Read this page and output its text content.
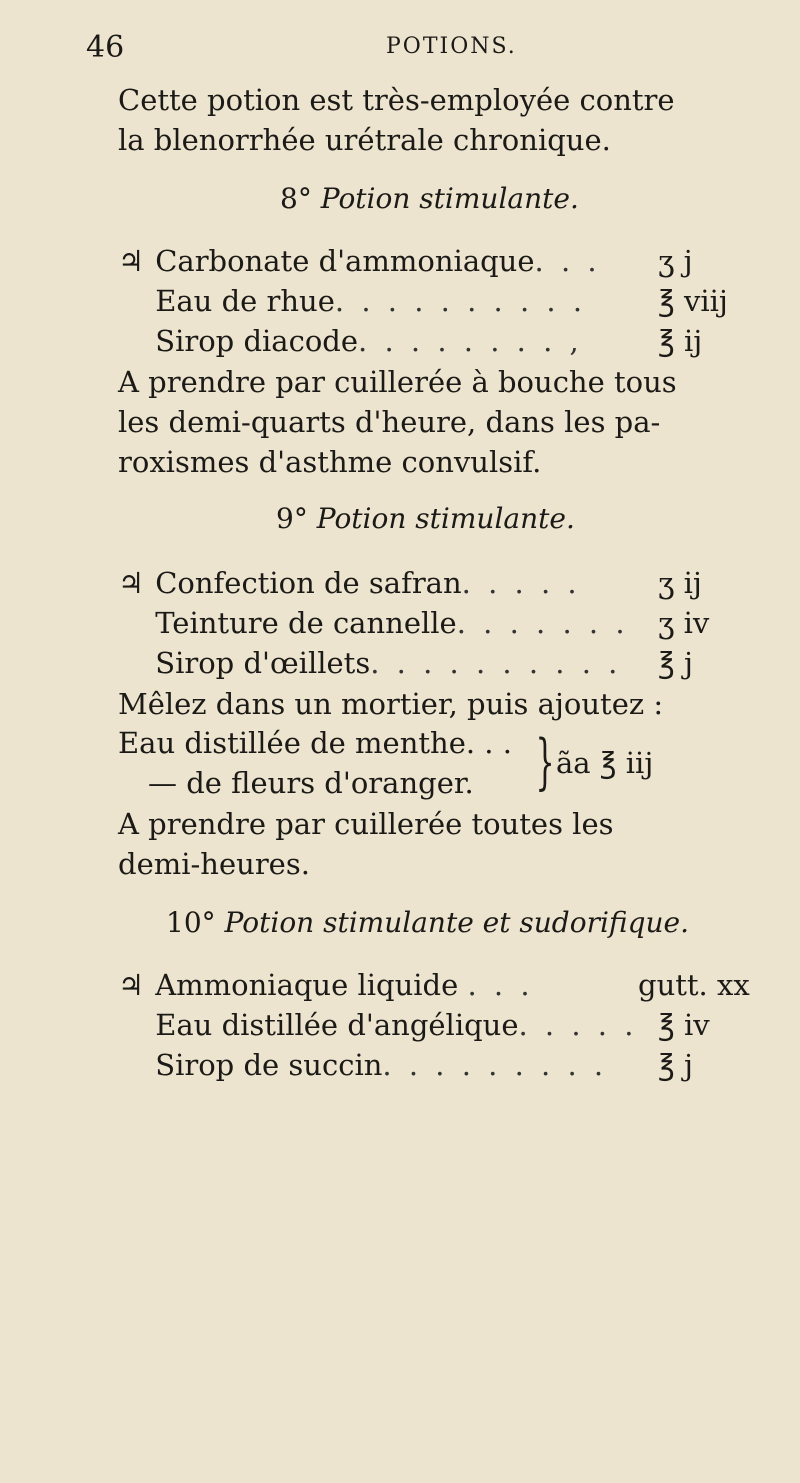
46	POTIONS.
Cette potion est très-employée contre
la blenorrhée urétrale chronique.
8° Potion stimulante.
♃ Carbonate d'ammoniaque. . . ʒ j
Eau de rhue. . . . . . . . . . ℥ viij
Sirop diacode. . . . . . . . ,	℥ ij
A prendre par cuillerée à bouche tous
les demi-quarts d'heure, dans les pa-
roxismes d'asthme convulsif.
9° Potion stimulante.
♃ Confection de safran. . . . .	ʒ ij
Teinture de cannelle. . . . . . . ʒ iv
Sirop d'œillets. . . . . . . . . . ℥ j
Mêlez dans un mortier, puis ajoutez :
Eau distillée de menthe. . .
— de fleurs d'oranger. } ãa ℥ iij
A prendre par cuillerée toutes les
demi-heures.
10° Potion stimulante et sudorifique.
♃ Ammoniaque liquide . . .	gutt. xx
Eau distillée d'angélique. . . . . ℥ iv
Sirop de succin. . . . . . . . . ℥ j
